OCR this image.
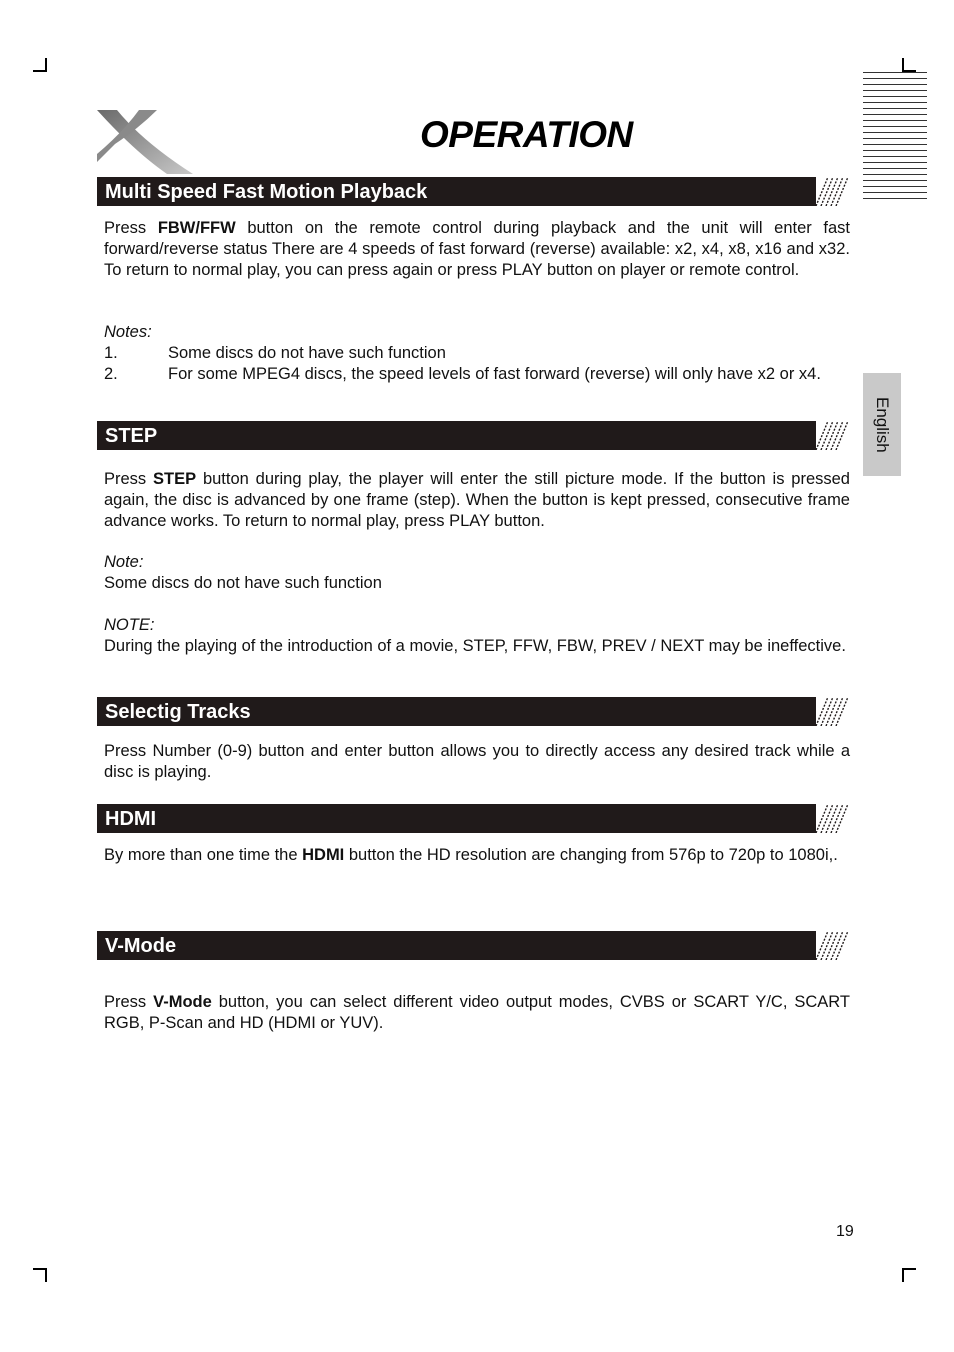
OPERATION
English
Multi Speed Fast Motion Playback

Press FBW/FFW button on the remote control during playback and the unit will enter fast forward/reverse status There are 4 speeds of fast forward (reverse) available: x2, x4, x8, x16 and x32. To return to normal play, you can press again or press PLAY button on player or remote control.

Notes:

1.	Some discs do not have such function
2.	For some MPEG4 discs, the speed levels of fast forward (reverse) will only have x2 or x4.
STEP

Press STEP button during play, the player will enter the still picture mode. If the button is pressed again, the disc is advanced by one frame (step). When the button is kept pressed, consecutive frame advance works. To return to normal play, press PLAY button.

Note:

Some discs do not have such function

NOTE:

During the playing of the introduction of a movie, STEP, FFW, FBW, PREV / NEXT may be ineffective.

Selectig Tracks

Press Number (0-9) button and enter button allows you to directly access any desired track while a disc is playing.

HDMI

By more than one time the HDMI button the HD resolution are changing from 576p to 720p to 1080i,.

V-Mode

Press V-Mode button, you can select different video output modes, CVBS or SCART Y/C, SCART RGB, P-Scan and HD (HDMI or YUV).

19
